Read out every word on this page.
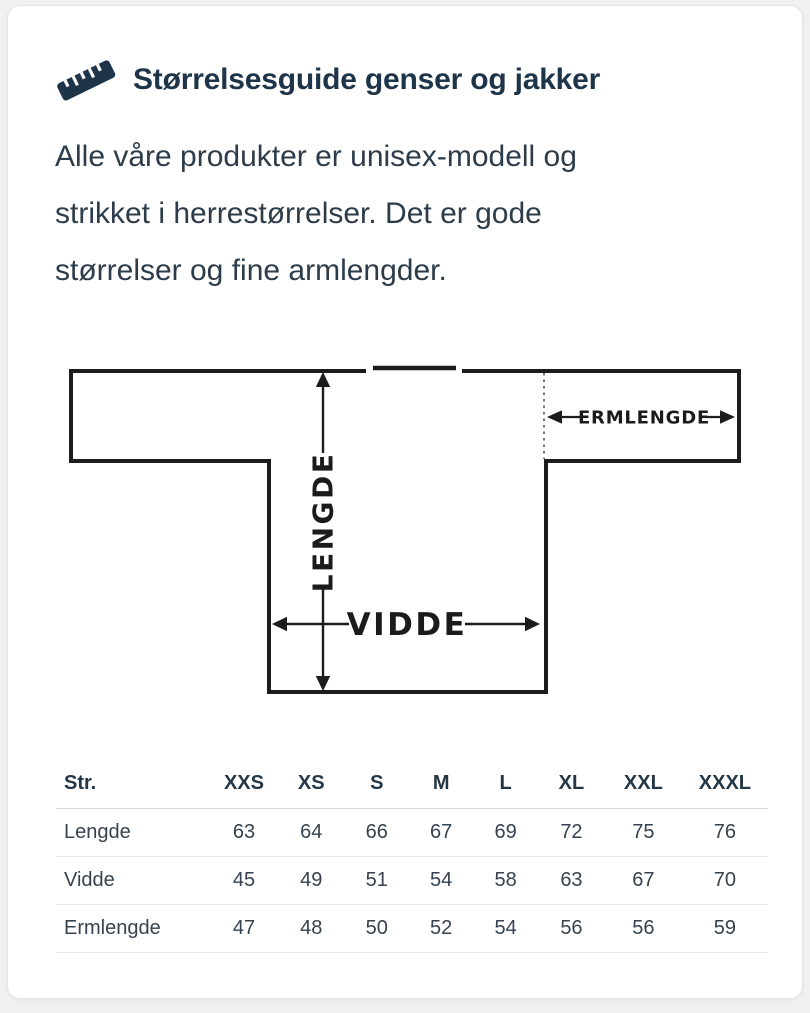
Størrelsesguide genser og jakker
Alle våre produkter er unisex-modell og
strikket i herrestørrelser. Det er gode
størrelser og fine armlengder.
LENGDE
VIDDE
ERMLENGDE
Str.	XXS	XS	S	M	L	XL	XXL	XXXL
Lengde	63	64	66	67	69	72	75	76
Vidde	45	49	51	54	58	63	67	70
Ermlengde	47	48	50	52	54	56	56	59
